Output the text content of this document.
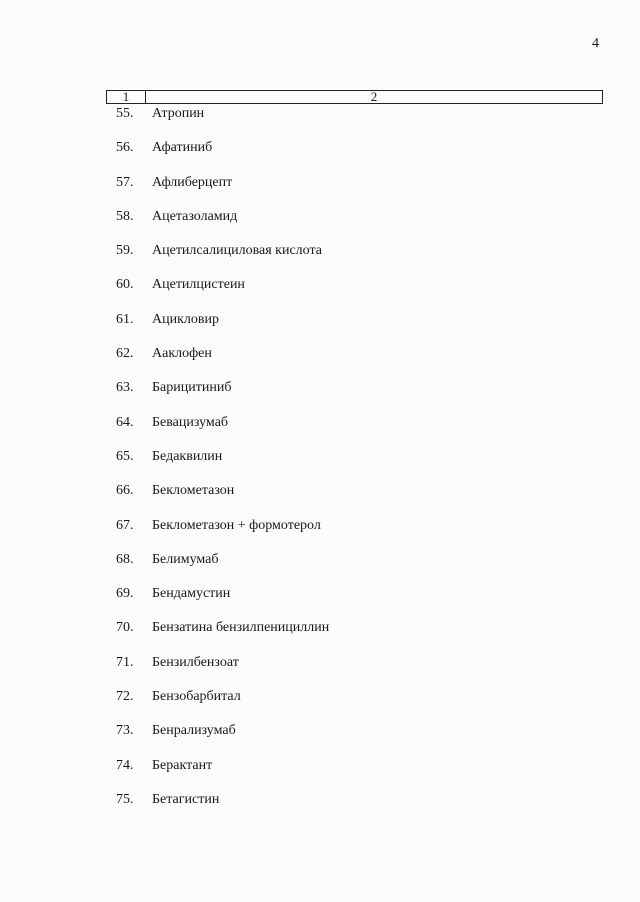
4
1	2
55. Атропин
56. Афатиниб
57. Афлиберцепт
58. Ацетазоламид
59. Ацетилсалициловая кислота
60. Ацетилцистеин
61. Ацикловир
62. Аaклофен
63. Барицитиниб
64. Бевацизумаб
65. Бедаквилин
66. Беклометазон
67. Беклометазон + формотерол
68. Белимумаб
69. Бендамустин
70. Бензатина бензилпенициллин
71. Бензилбензоат
72. Бензобарбитал
73. Бенрализумаб
74. Берактант
75. Бетагистин
